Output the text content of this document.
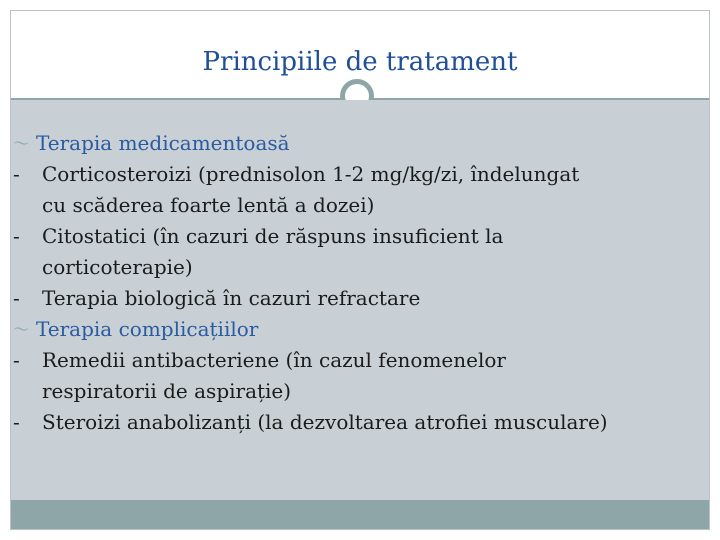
Principiile de tratament
〜 Terapia medicamentoasă
- Corticosteroizi (prednisolon 1-2 mg/kg/zi, îndelungat
cu scăderea foarte lentă a dozei)
- Citostatici (în cazuri de răspuns insuficient la
corticoterapie)
- Terapia biologică în cazuri refractare
〜 Terapia complicațiilor
- Remedii antibacteriene (în cazul fenomenelor
respiratorii de aspirație)
- Steroizi anabolizanți (la dezvoltarea atrofiei musculare)
